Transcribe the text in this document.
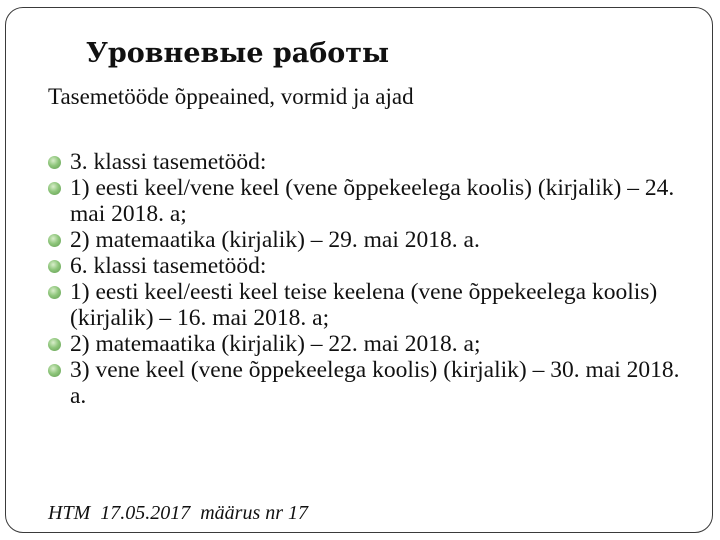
Уровневые работы

Tasemetööde õppeained, vormid ja ajad

3. klassi tasemetööd:
1) eesti keel/vene keel (vene õppekeelega koolis) (kirjalik) – 24. mai 2018. a;
2) matemaatika (kirjalik) – 29. mai 2018. a.
6. klassi tasemetööd:
1) eesti keel/eesti keel teise keelena (vene õppekeelega koolis) (kirjalik) – 16. mai 2018. a;
2) matemaatika (kirjalik) – 22. mai 2018. a;
3) vene keel (vene õppekeelega koolis) (kirjalik) – 30. mai 2018. a.

HTM  17.05.2017  määrus nr 17
